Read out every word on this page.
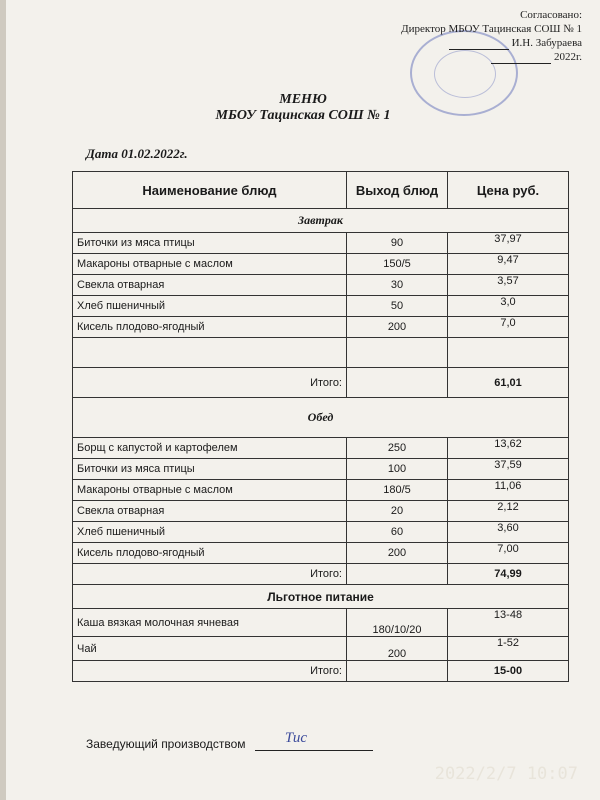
Согласовано:
Директор МБОУ Тацинская СОШ № 1
И.Н. Забураева
2022г.
МЕНЮ
МБОУ Тацинская СОШ № 1
Дата 01.02.2022г.
Наименование блюд	Выход блюд	Цена руб.
Завтрак		
Биточки из мяса птицы	90	37,97
Макароны отварные с маслом	150/5	9,47
Свекла отварная	30	3,57
Хлеб пшеничный	50	3,0
Кисель плодово-ягодный	200	7,0

Итого:		61,01
Обед		
Борщ с капустой и картофелем	250	13,62
Биточки из мяса птицы	100	37,59
Макароны отварные с маслом	180/5	11,06
Свекла отварная	20	2,12
Хлеб пшеничный	60	3,60
Кисель плодово-ягодный	200	7,00
Итого:		74,99
Льготное питание		
Каша вязкая молочная ячневая	180/10/20	13-48
Чай	200	1-52
Итого:		15-00
Заведующий производством	Тис
2022/2/7 10:07
